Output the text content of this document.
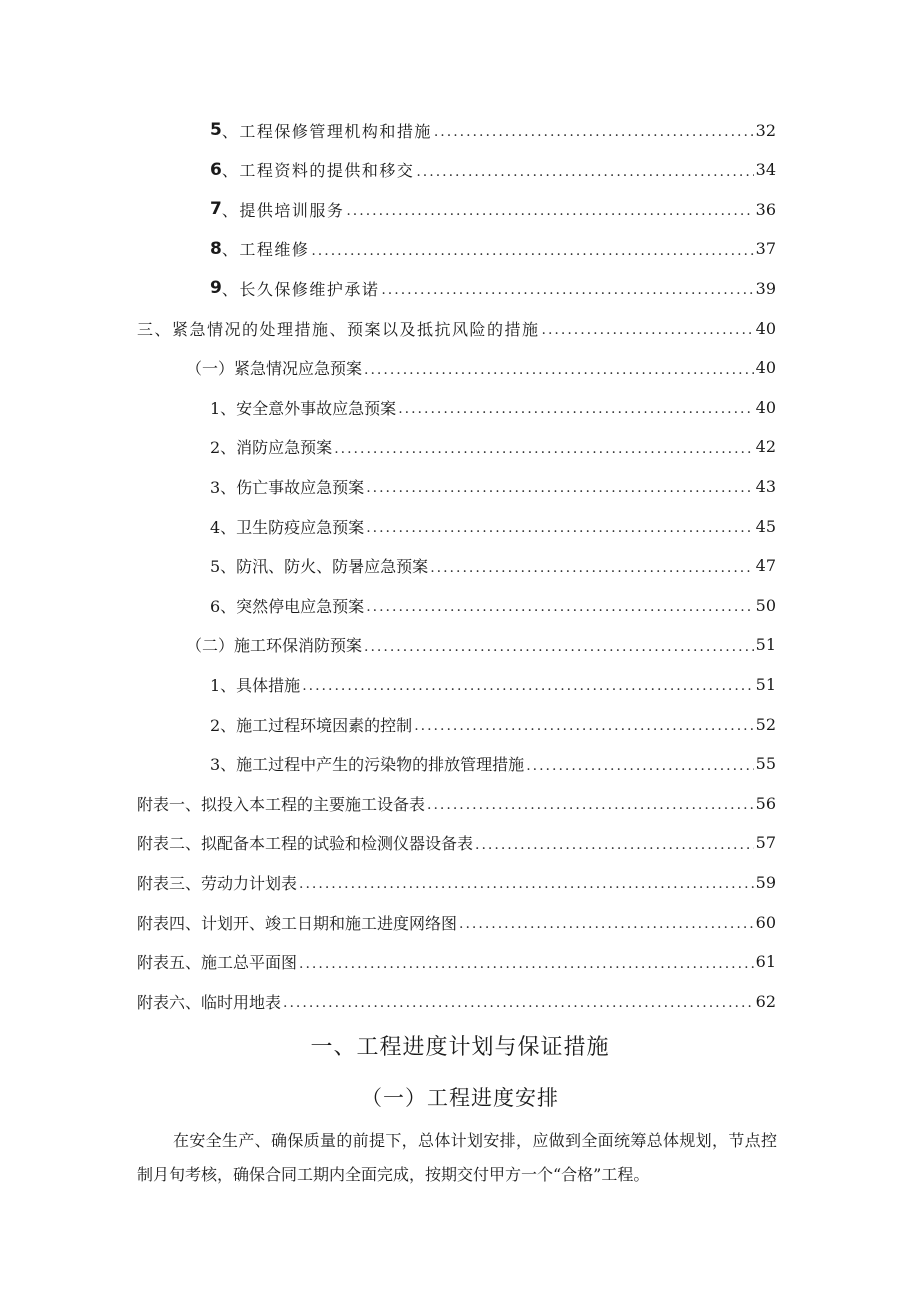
5 、工程保修管理机构和措施 .....	32
6 、工程资料的提供和移交 .....	34
7 、提供培训服务 .....	36
8 、工程维修 .....	37
9 、长久保修维护承诺 .....	39
三、紧急情况的处理措施、预案以及抵抗风险的措施 .....	40
（一）紧急情况应急预案 .....	40
1、安全意外事故应急预案 .....	40
2、消防应急预案 .....	42
3、伤亡事故应急预案 .....	43
4、卫生防疫应急预案 .....	45
5、防汛、防火、防暑应急预案 .....	47
6、突然停电应急预案 .....	50
（二）施工环保消防预案 .....	51
1、具体措施 .....	51
2、施工过程环境因素的控制 .....	52
3、施工过程中产生的污染物的排放管理措施 .....	55
附表一、拟投入本工程的主要施工设备表 .....	56
附表二、拟配备本工程的试验和检测仪器设备表 .....	57
附表三、劳动力计划表 .....	59
附表四、计划开、竣工日期和施工进度网络图 .....	60
附表五、施工总平面图 .....	61
附表六、临时用地表 .....	62
一、工程进度计划与保证措施
（一）工程进度安排
在安全生产、确保质量的前提下，总体计划安排，应做到全面统筹总体规划，节点控制月旬考核，确保合同工期内全面完成，按期交付甲方一个“合格”工程。
